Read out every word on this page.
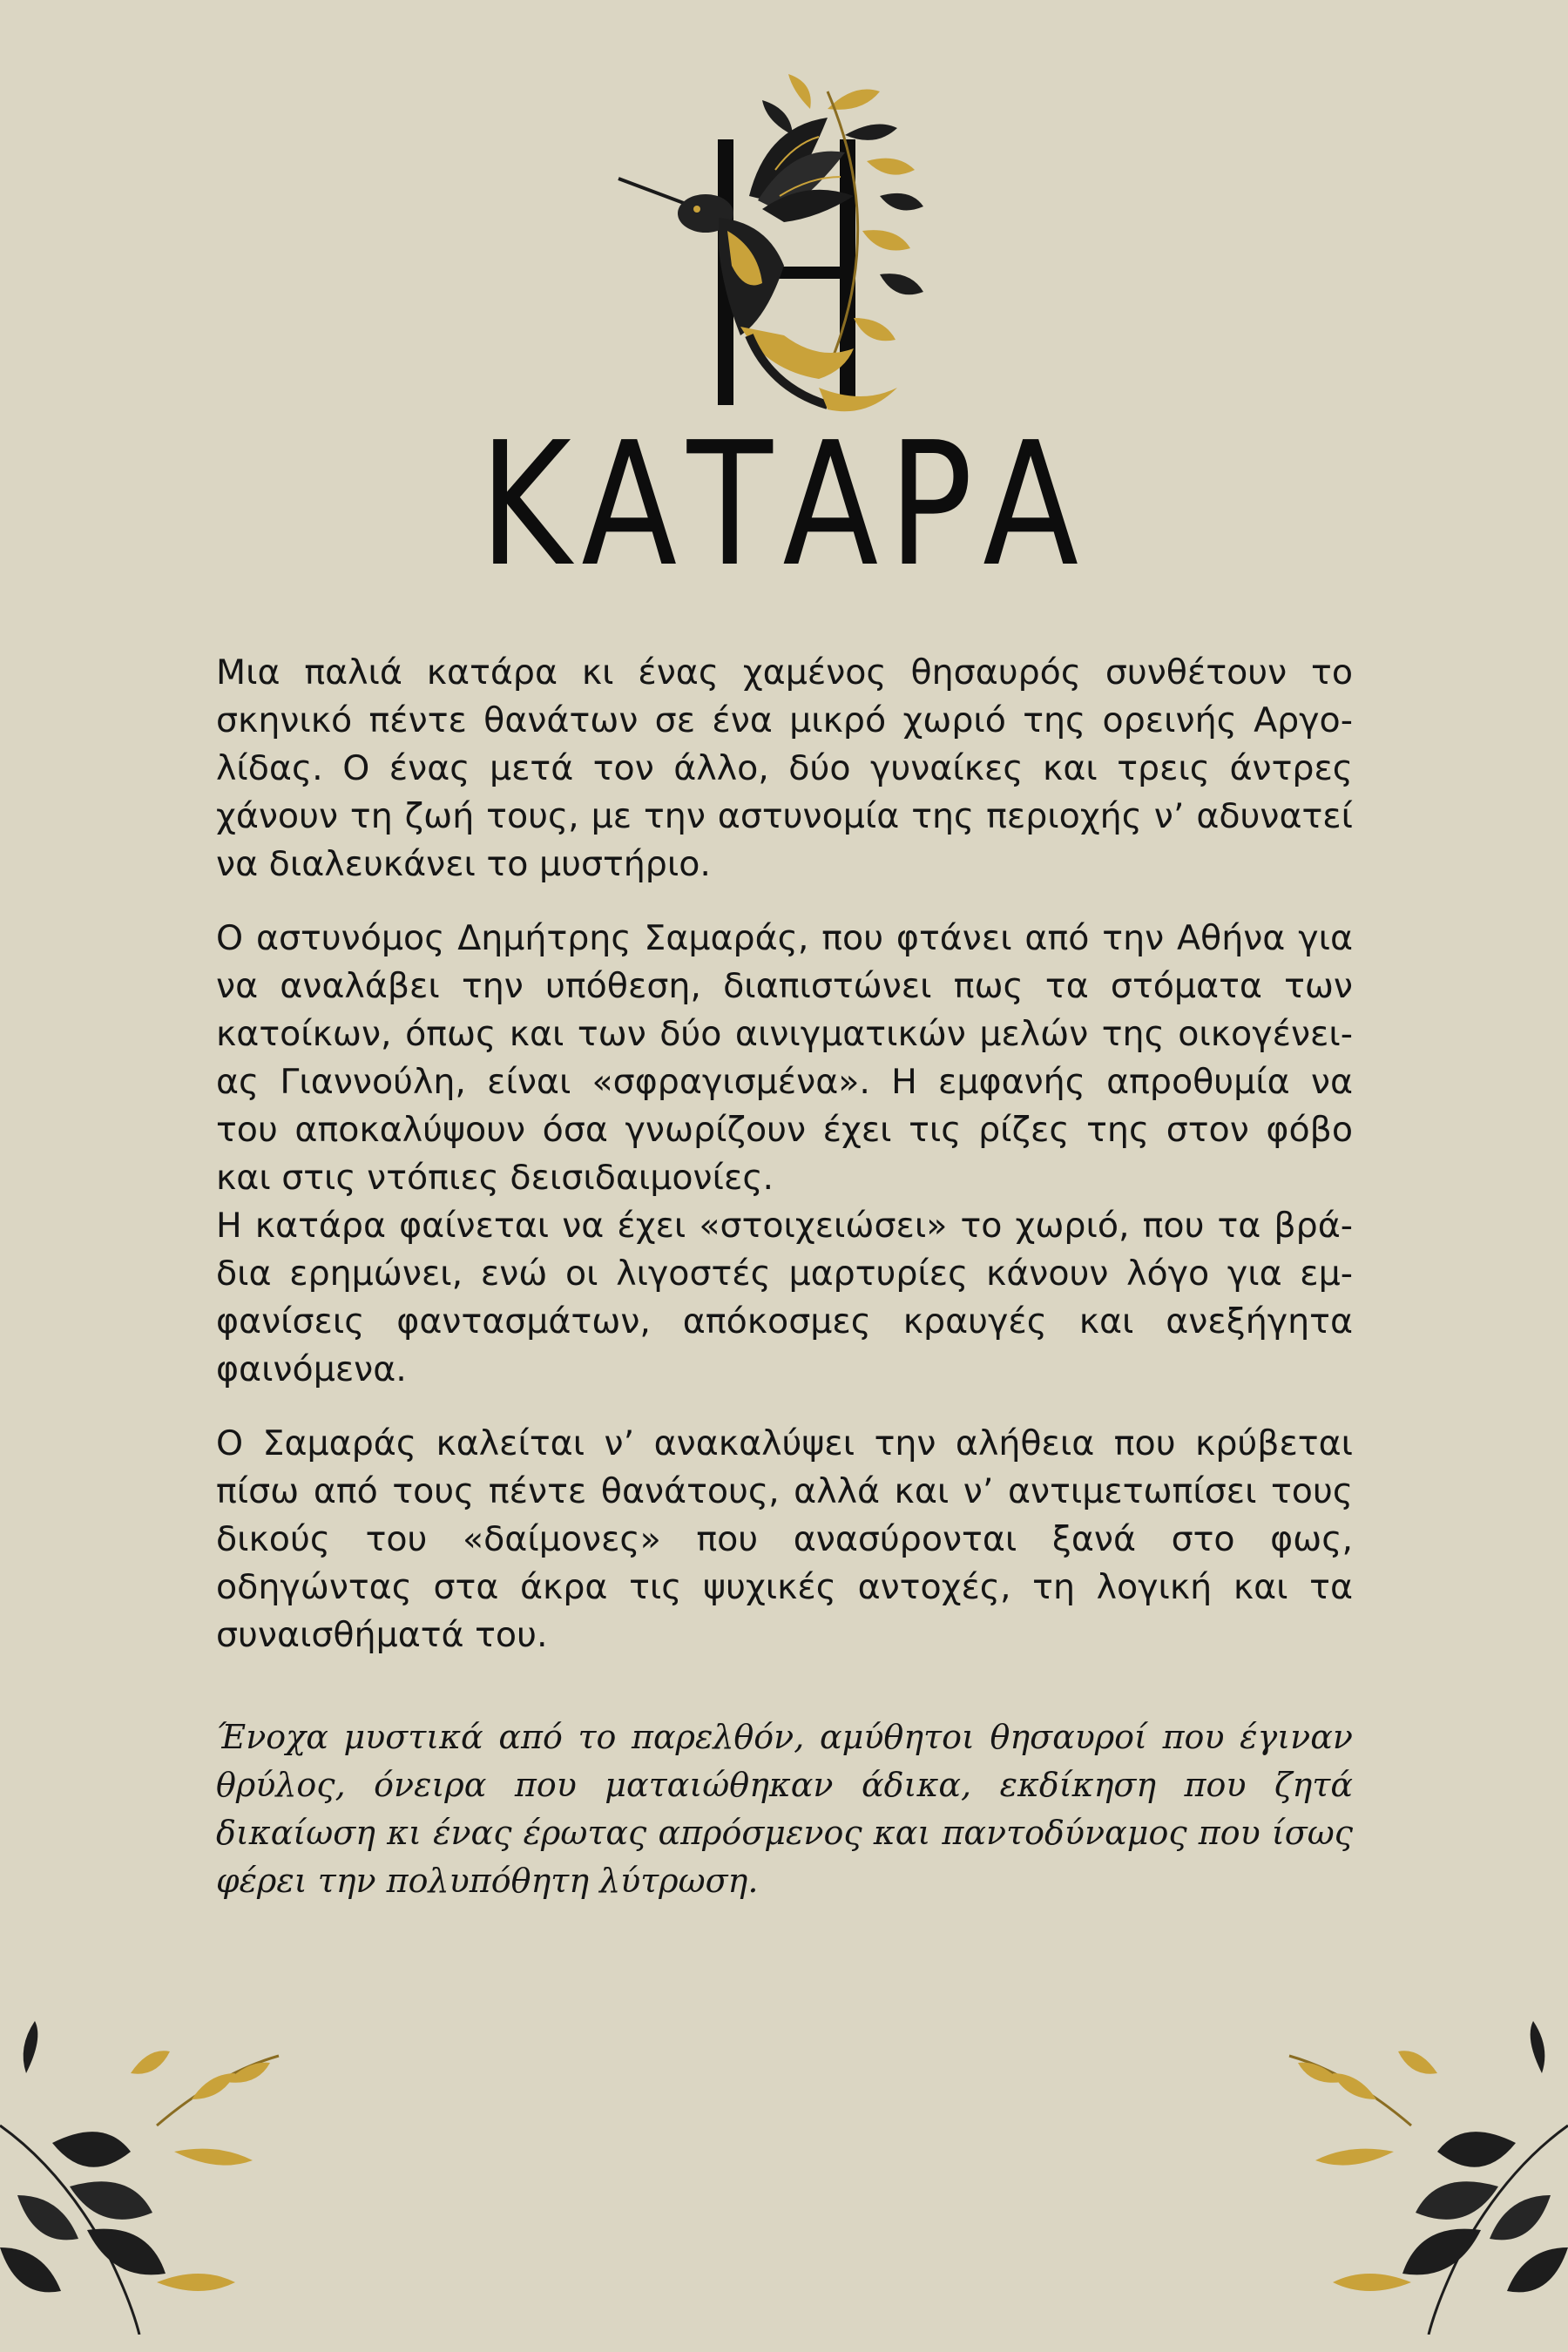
ΚΑΤΑΡΑ

Μια παλιά κατάρα κι ένας χαμένος θησαυρός συνθέτουν το σκηνικό πέντε θανάτων σε ένα μικρό χωριό της ορεινής Αργολίδας. Ο ένας μετά τον άλλο, δύο γυναίκες και τρεις άντρες χάνουν τη ζωή τους, με την αστυνομία της περιοχής ν’ αδυνατεί να διαλευκάνει το μυστήριο.

Ο αστυνόμος Δημήτρης Σαμαράς, που φτάνει από την Αθήνα για να αναλάβει την υπόθεση, διαπιστώνει πως τα στόματα των κατοίκων, όπως και των δύο αινιγματικών μελών της οικογένειας Γιαννούλη, είναι «σφραγισμένα». Η εμφανής απροθυμία να του αποκαλύψουν όσα γνωρίζουν έχει τις ρίζες της στον φόβο και στις ντόπιες δεισιδαιμονίες.

Η κατάρα φαίνεται να έχει «στοιχειώσει» το χωριό, που τα βράδια ερημώνει, ενώ οι λιγοστές μαρτυρίες κάνουν λόγο για εμφανίσεις φαντασμάτων, απόκοσμες κραυγές και ανεξήγητα φαινόμενα.

Ο Σαμαράς καλείται ν’ ανακαλύψει την αλήθεια που κρύβεται πίσω από τους πέντε θανάτους, αλλά και ν’ αντιμετωπίσει τους δικούς του «δαίμονες» που ανασύρονται ξανά στο φως, οδηγώντας στα άκρα τις ψυχικές αντοχές, τη λογική και τα συναισθήματά του.

Ένοχα μυστικά από το παρελθόν, αμύθητοι θησαυροί που έγιναν θρύλος, όνειρα που ματαιώθηκαν άδικα, εκδίκηση που ζητά δικαίωση κι ένας έρωτας απρόσμενος και παντοδύναμος που ίσως φέρει την πολυπόθητη λύτρωση.
